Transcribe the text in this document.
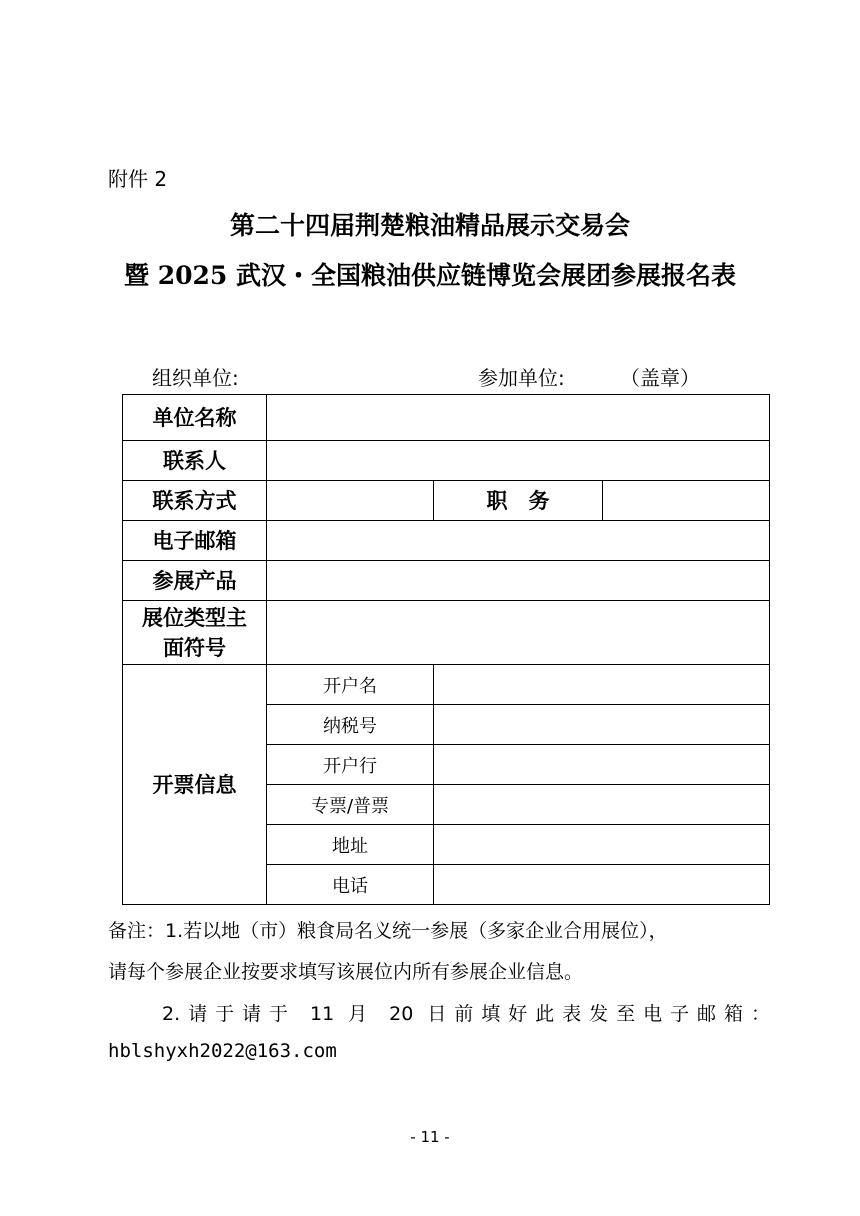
附件 2
第二十四届荆楚粮油精品展示交易会
暨 2025 武汉・全国粮油供应链博览会展团参展报名表
组织单位:	参加单位:	（盖章）
单位名称			
联系人			
联系方式		职　务	
电子邮箱			
参展产品			
展位类型主面符号			
开票信息	开户名		
	纳税号		
	开户行		
	专票/普票		
	地址		
	电话		
备注：1.若以地（市）粮食局名义统一参展（多家企业合用展位），
请每个参展企业按要求填写该展位内所有参展企业信息。
2.请于请于 11 月 20 日前填好此表发至电子邮箱：
hblshyxh2022@163.com
- 11 -
